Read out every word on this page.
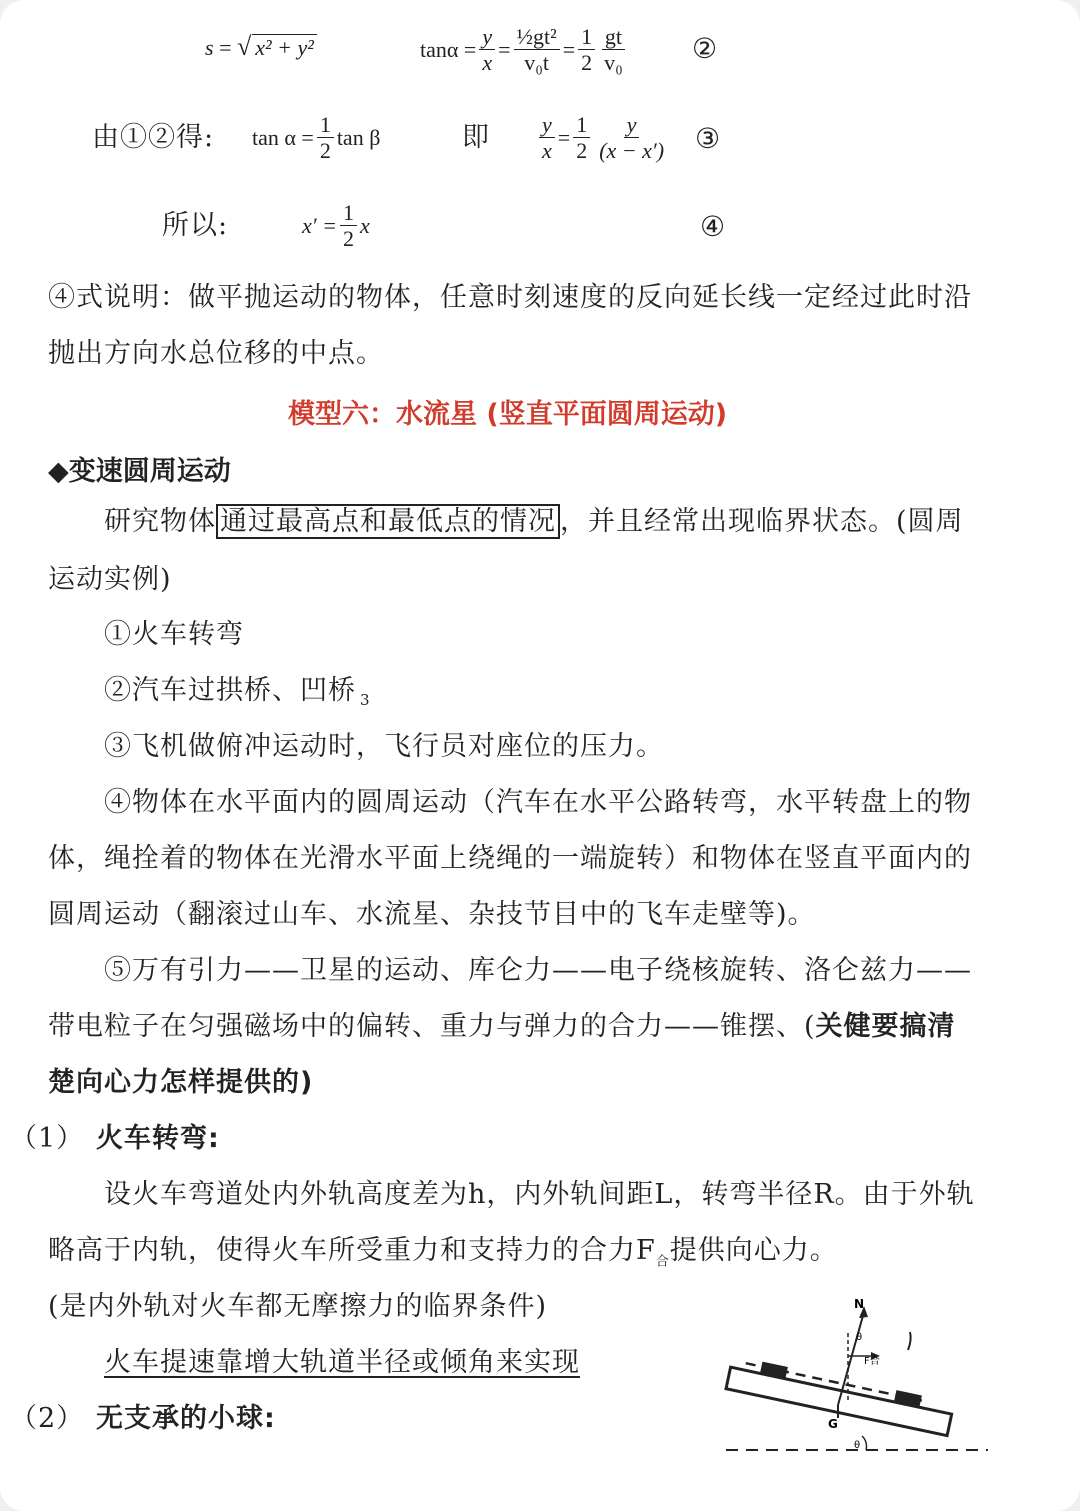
s = √ x² + y²	$\tan\alpha = \frac{y}{x} = \frac{\text{½gt²}}{\text{v₀t}} = \frac{1}{2} \frac{gt}{\text{v₀}}$ ②
由①②得: $\tan \alpha = \frac{1}{2}$ tan β	即 $\frac{y}{x} = \frac{1}{2} \frac{y}{(x - x')}$ ③
所以:	$x' = \frac{1}{2}$ x	④
④式说明：做平抛运动的物体，任意时刻速度的反向延长线一定经过此时沿
抛出方向水总位移的中点。
模型六：水流星 (竖直平面圆周运动)
◆变速圆周运动
研究物体 通过最高点和最低点的情况 ，并且经常出现临界状态。(圆周
运动实例)
①火车转弯
②汽车过拱桥、凹桥 $_3$
③飞机做俯冲运动时，飞行员对座位的压力。
④物体在水平面内的圆周运动（汽车在水平公路转弯，水平转盘上的物
体，绳拴着的物体在光滑水平面上绕绳的一端旋转）和物体在竖直平面内的
圆周运动（翻滚过山车、水流星、杂技节目中的飞车走壁等)。
⑤万有引力——卫星的运动、库仑力——电子绕核旋转、洛仑兹力——
带电粒子在匀强磁场中的偏转、重力与弹力的合力——锥摆、(关健要搞清
楚向心力怎样提供的)
（1） 火车转弯:
设火车弯道处内外轨高度差为h，内外轨间距L，转弯半径R。由于外轨
略高于内轨，使得火车所受重力和支持力的合力$F_合$提供向心力。
(是内外轨对火车都无摩擦力的临界条件)
火车提速靠增大轨道半径或倾角来实现
（2） 无支承的小球:
N
θ
F合
G
θ
